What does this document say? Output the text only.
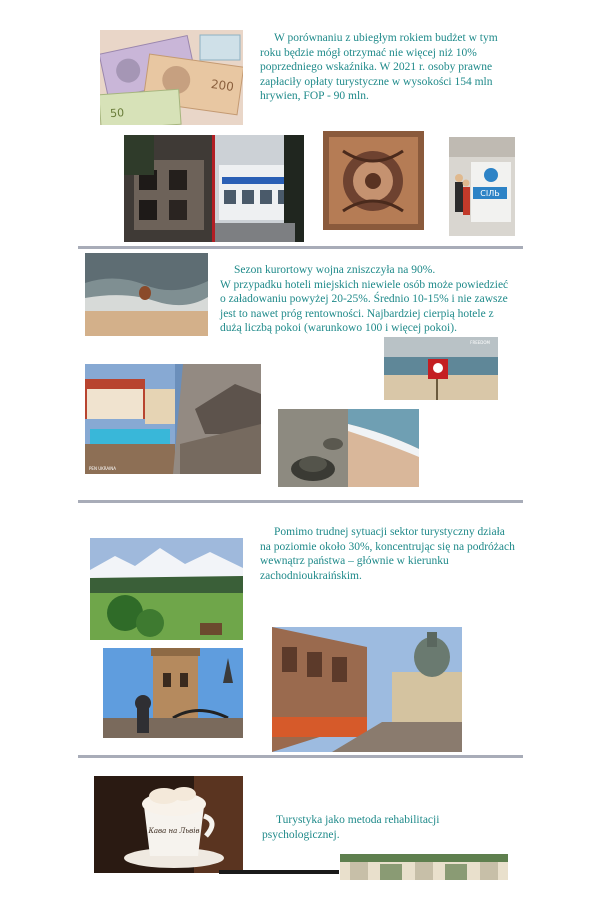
200
50

W porównaniu z ubiegłym rokiem budżet w tym roku będzie mógł otrzymać nie więcej niż 10% poprzedniego wskaźnika. W 2021 r. osoby prawne zapłaciły opłaty turystyczne w wysokości 154 mln hrywien, FOP - 90 mln.

СІЛЬ

Sezon kurortowy wojna zniszczyła na 90%.

W przypadku hoteli miejskich niewiele osób może powiedzieć o załadowaniu powyżej 20-25%. Średnio 10-15% i nie zawsze jest to nawet próg rentowności. Najbardziej cierpią hotele z dużą liczbą pokoi (warunkowo 100 i więcej pokoi).

FREEDOM
PEN UKRAINA

Pomimo trudnej sytuacji sektor turystyczny działa na poziomie około 30%, koncentrując się na podróżach wewnątrz państwa – głównie w kierunku zachodnioukraińskim.

Кава на Львів

Turystyka jako metoda rehabilitacji psychologicznej.
